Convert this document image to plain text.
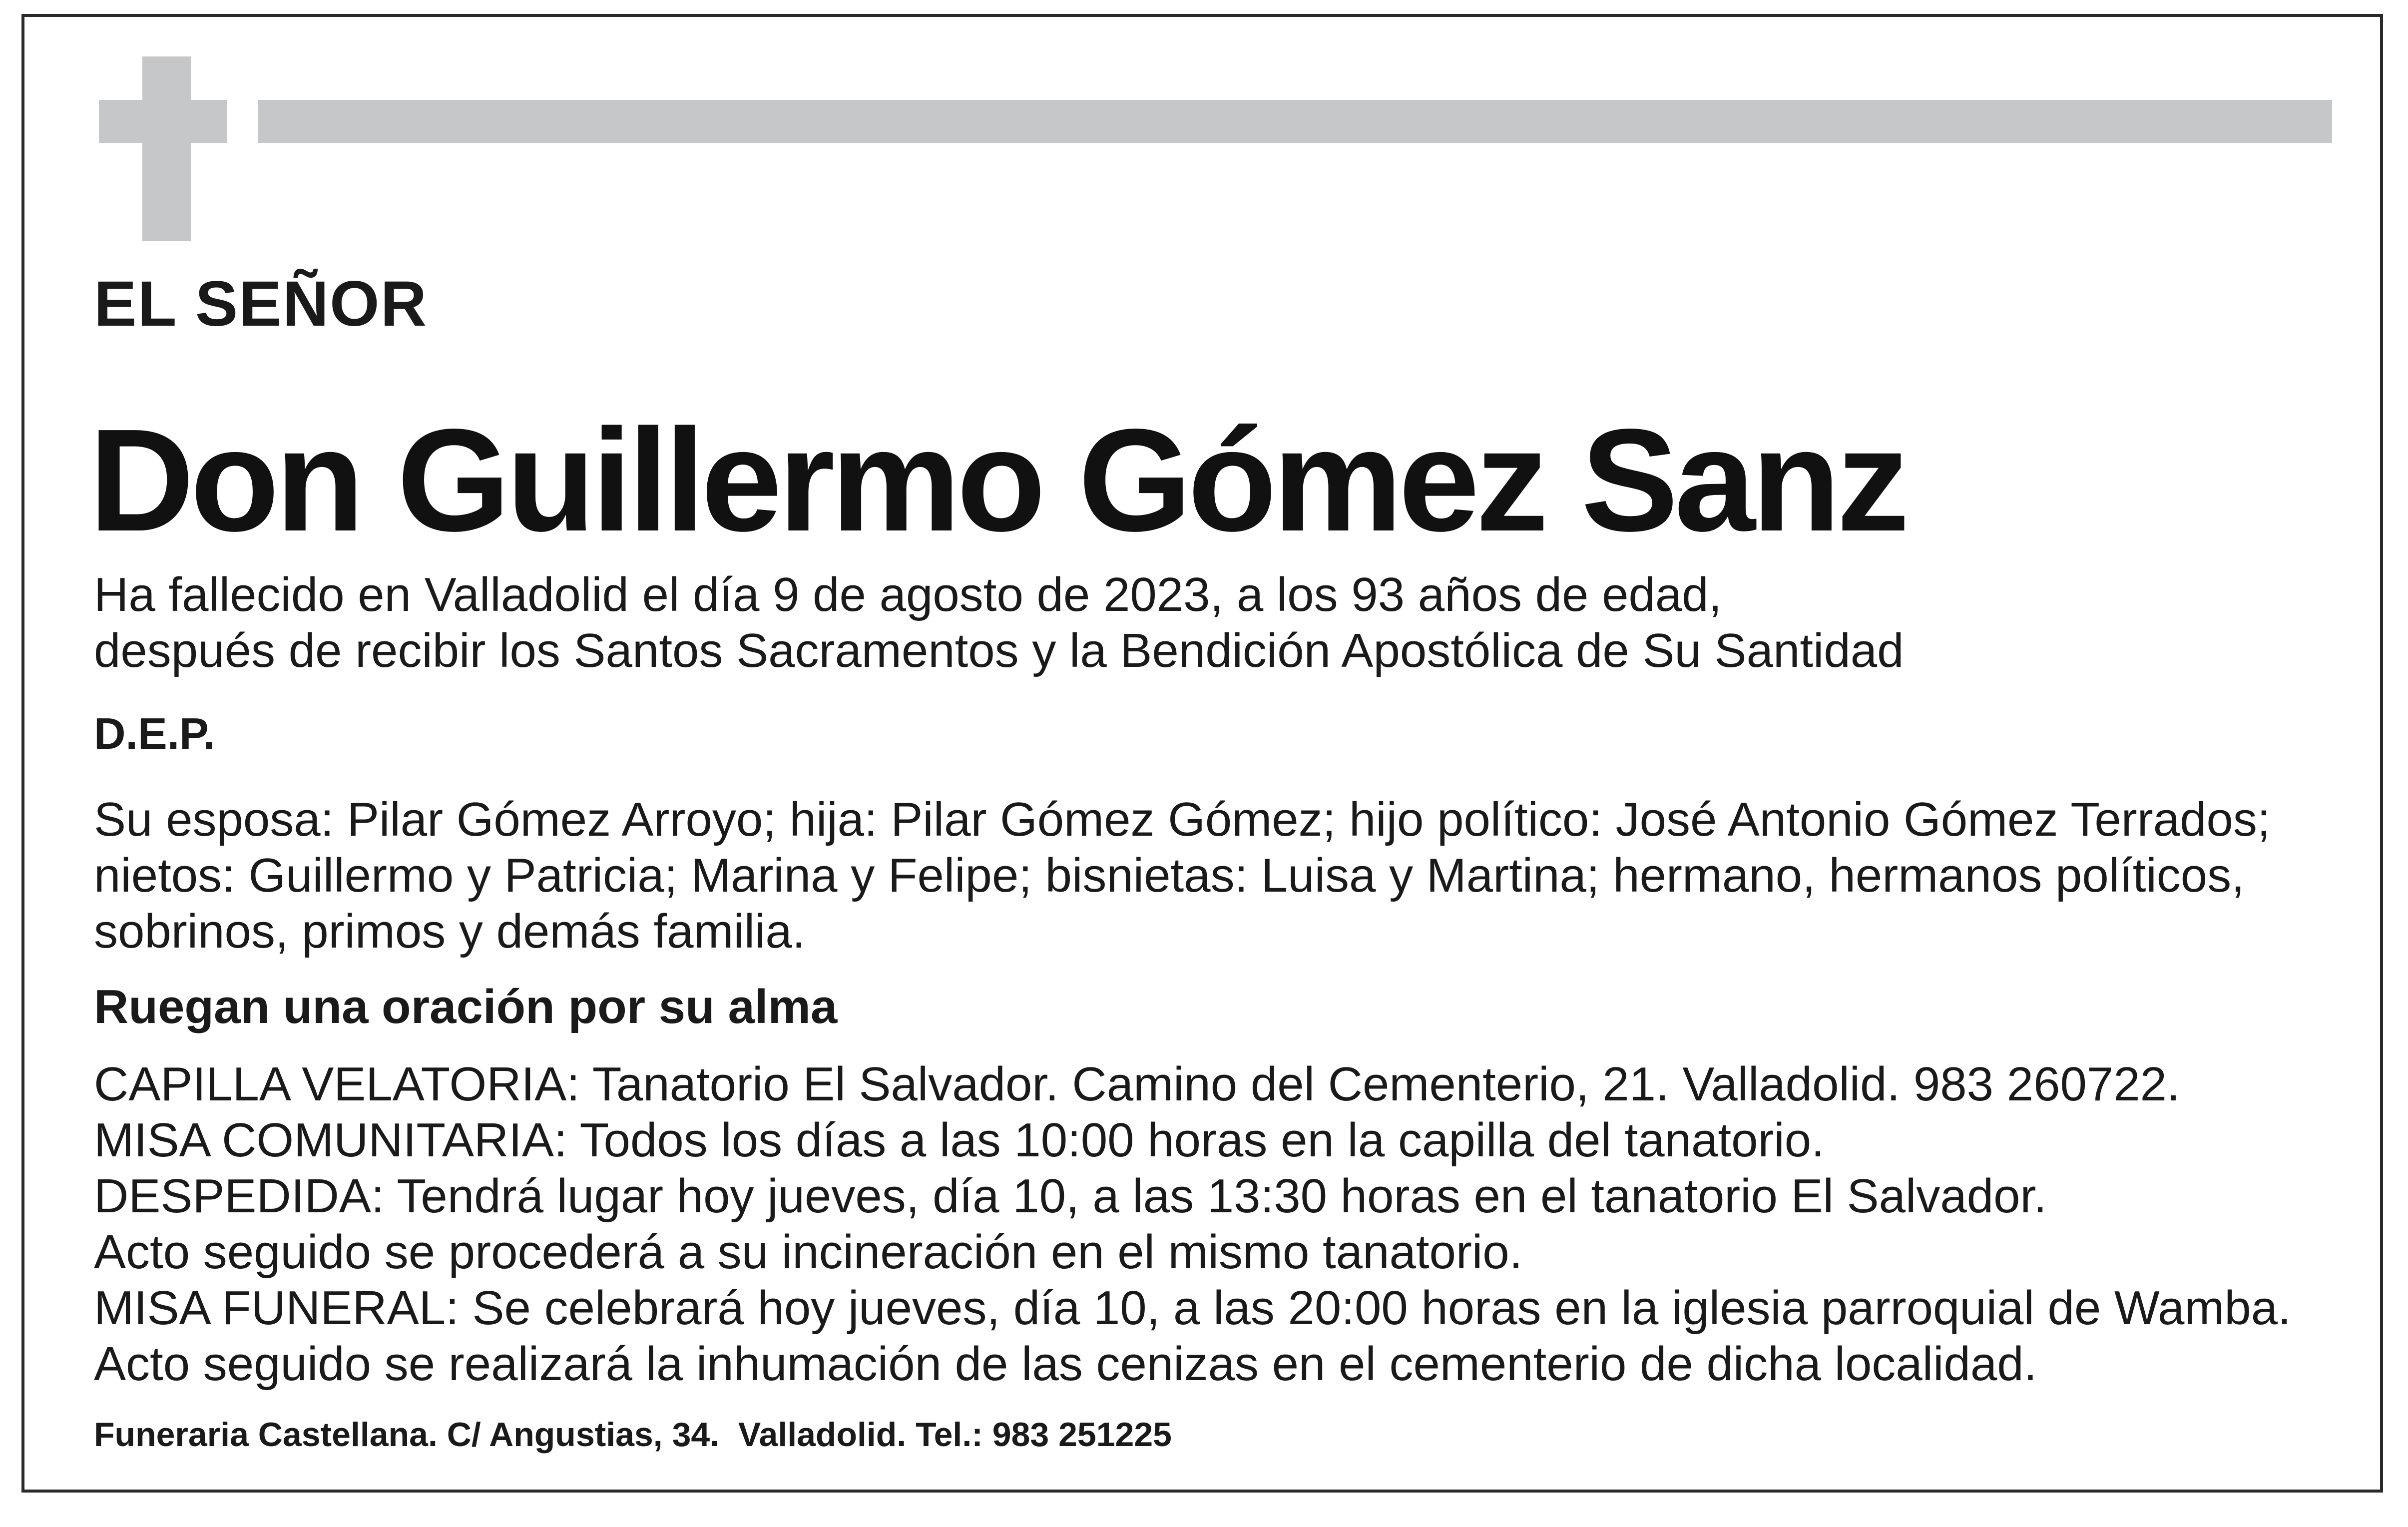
EL SEÑOR
Don Guillermo Gómez Sanz
Ha fallecido en Valladolid el día 9 de agosto de 2023, a los 93 años de edad,
después de recibir los Santos Sacramentos y la Bendición Apostólica de Su Santidad
D.E.P.
Su esposa: Pilar Gómez Arroyo; hija: Pilar Gómez Gómez; hijo político: José Antonio Gómez Terrados;
nietos: Guillermo y Patricia; Marina y Felipe; bisnietas: Luisa y Martina; hermano, hermanos políticos,
sobrinos, primos y demás familia.
Ruegan una oración por su alma
CAPILLA VELATORIA: Tanatorio El Salvador. Camino del Cementerio, 21. Valladolid. 983 260722.
MISA COMUNITARIA: Todos los días a las 10:00 horas en la capilla del tanatorio.
DESPEDIDA: Tendrá lugar hoy jueves, día 10, a las 13:30 horas en el tanatorio El Salvador.
Acto seguido se procederá a su incineración en el mismo tanatorio.
MISA FUNERAL: Se celebrará hoy jueves, día 10, a las 20:00 horas en la iglesia parroquial de Wamba.
Acto seguido se realizará la inhumación de las cenizas en el cementerio de dicha localidad.
Funeraria Castellana. C/ Angustias, 34.  Valladolid. Tel.: 983 251225
